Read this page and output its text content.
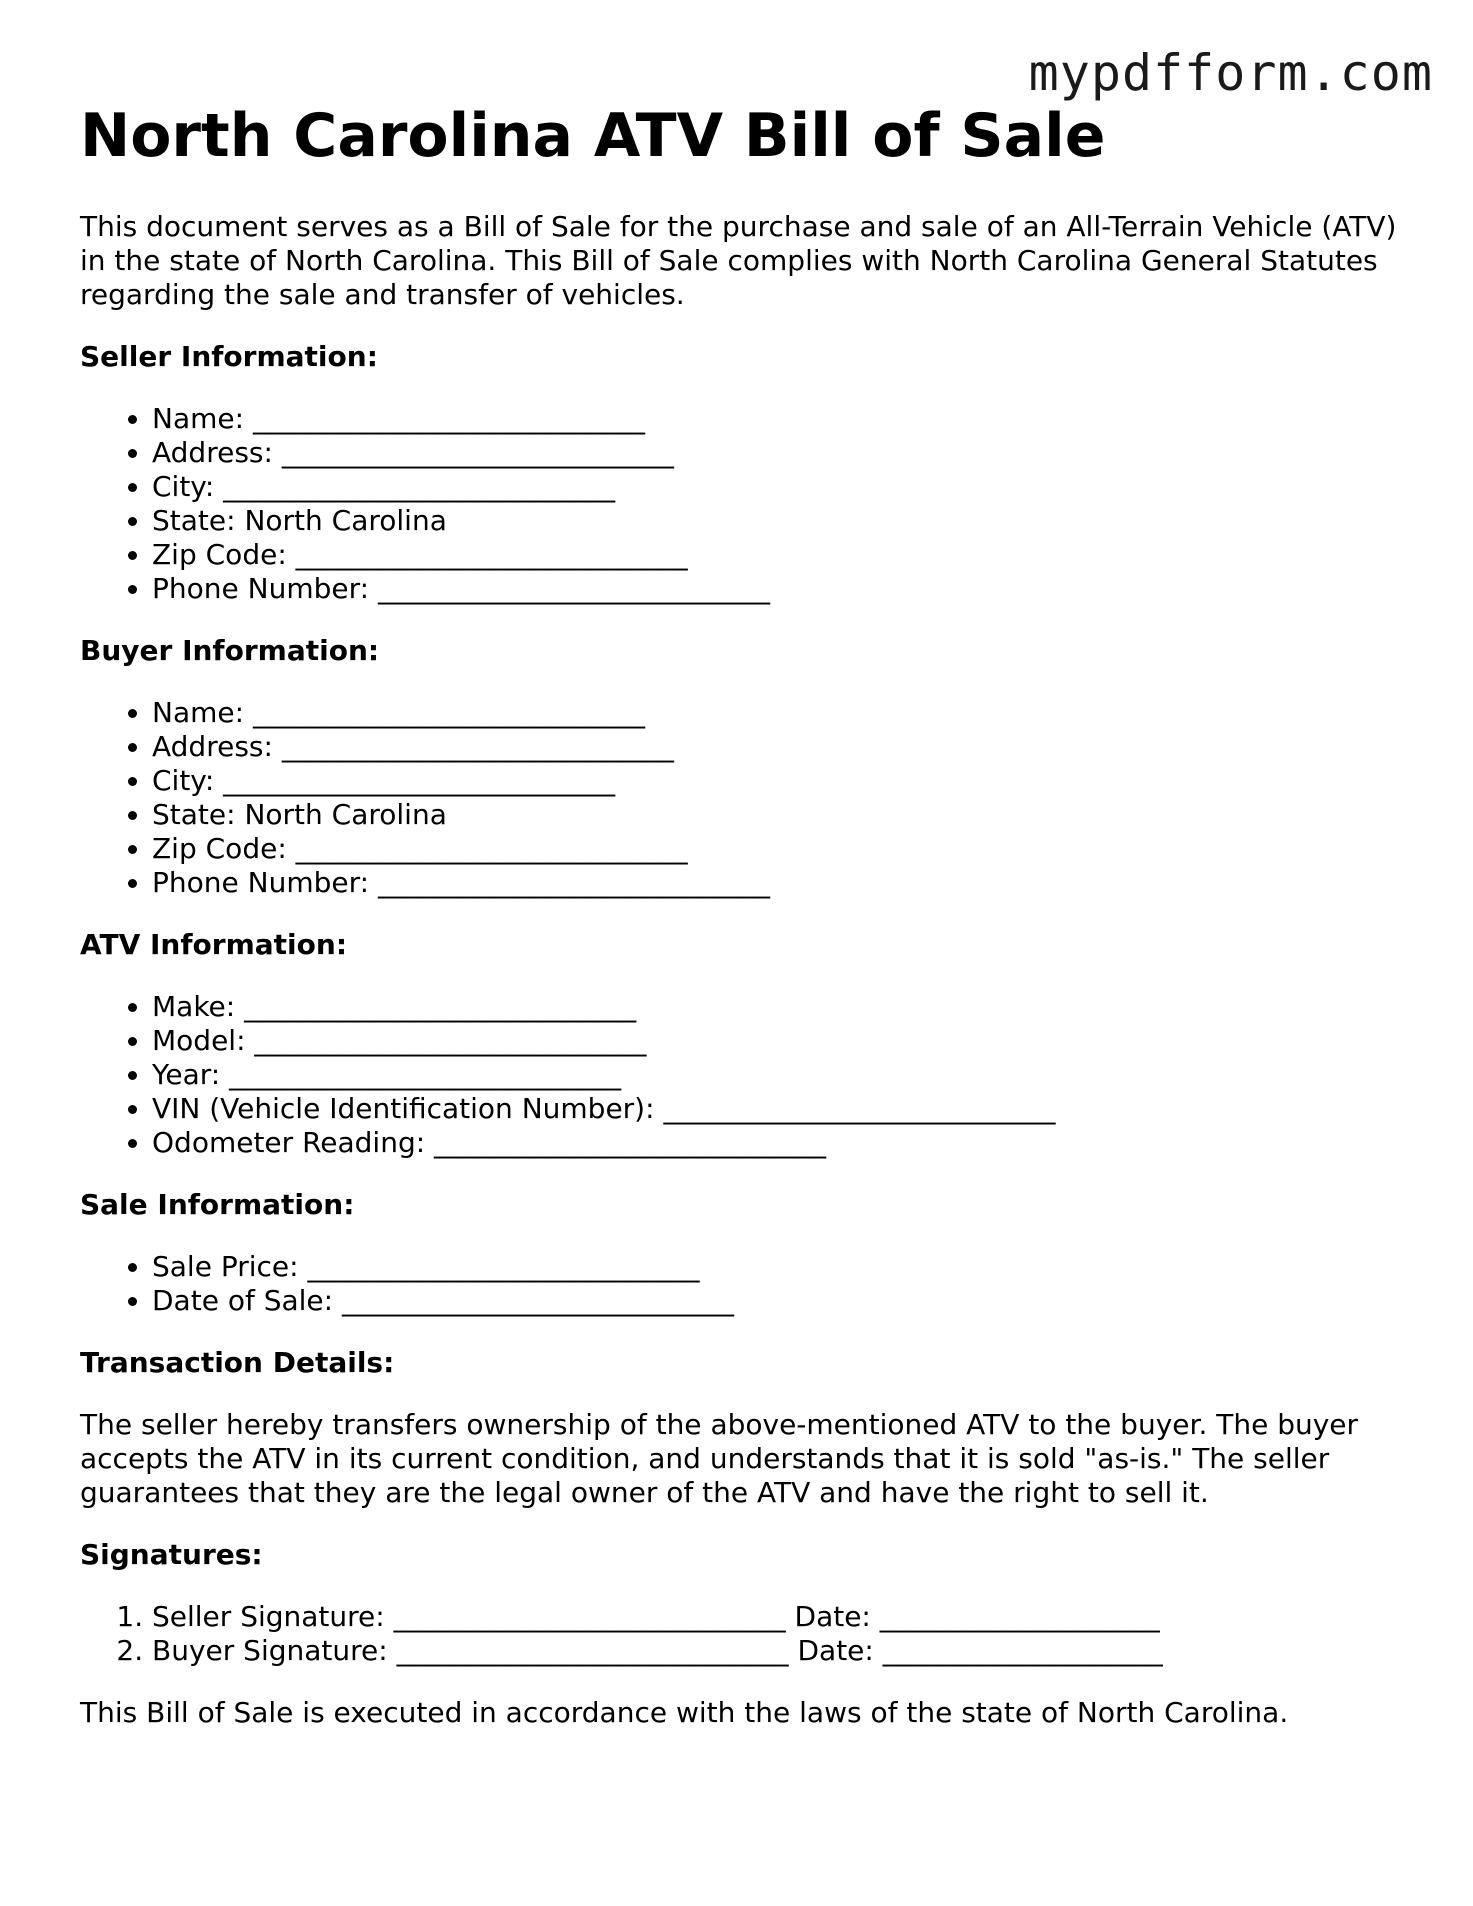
mypdfform.com
North Carolina ATV Bill of Sale

This document serves as a Bill of Sale for the purchase and sale of an All-Terrain Vehicle (ATV) in the state of North Carolina. This Bill of Sale complies with North Carolina General Statutes regarding the sale and transfer of vehicles.

Seller Information:
• Name: ____________________________
• Address: ____________________________
• City: ____________________________
• State: North Carolina
• Zip Code: ____________________________
• Phone Number: ____________________________
Buyer Information:
• Name: ____________________________
• Address: ____________________________
• City: ____________________________
• State: North Carolina
• Zip Code: ____________________________
• Phone Number: ____________________________
ATV Information:
• Make: ____________________________
• Model: ____________________________
• Year: ____________________________
• VIN (Vehicle Identification Number): ____________________________
• Odometer Reading: ____________________________
Sale Information:
• Sale Price: ____________________________
• Date of Sale: ____________________________
Transaction Details:

The seller hereby transfers ownership of the above-mentioned ATV to the buyer. The buyer accepts the ATV in its current condition, and understands that it is sold "as-is." The seller guarantees that they are the legal owner of the ATV and have the right to sell it.

Signatures:
1. Seller Signature: ____________________________ Date: ____________________
2. Buyer Signature: ____________________________ Date: ____________________

This Bill of Sale is executed in accordance with the laws of the state of North Carolina.
